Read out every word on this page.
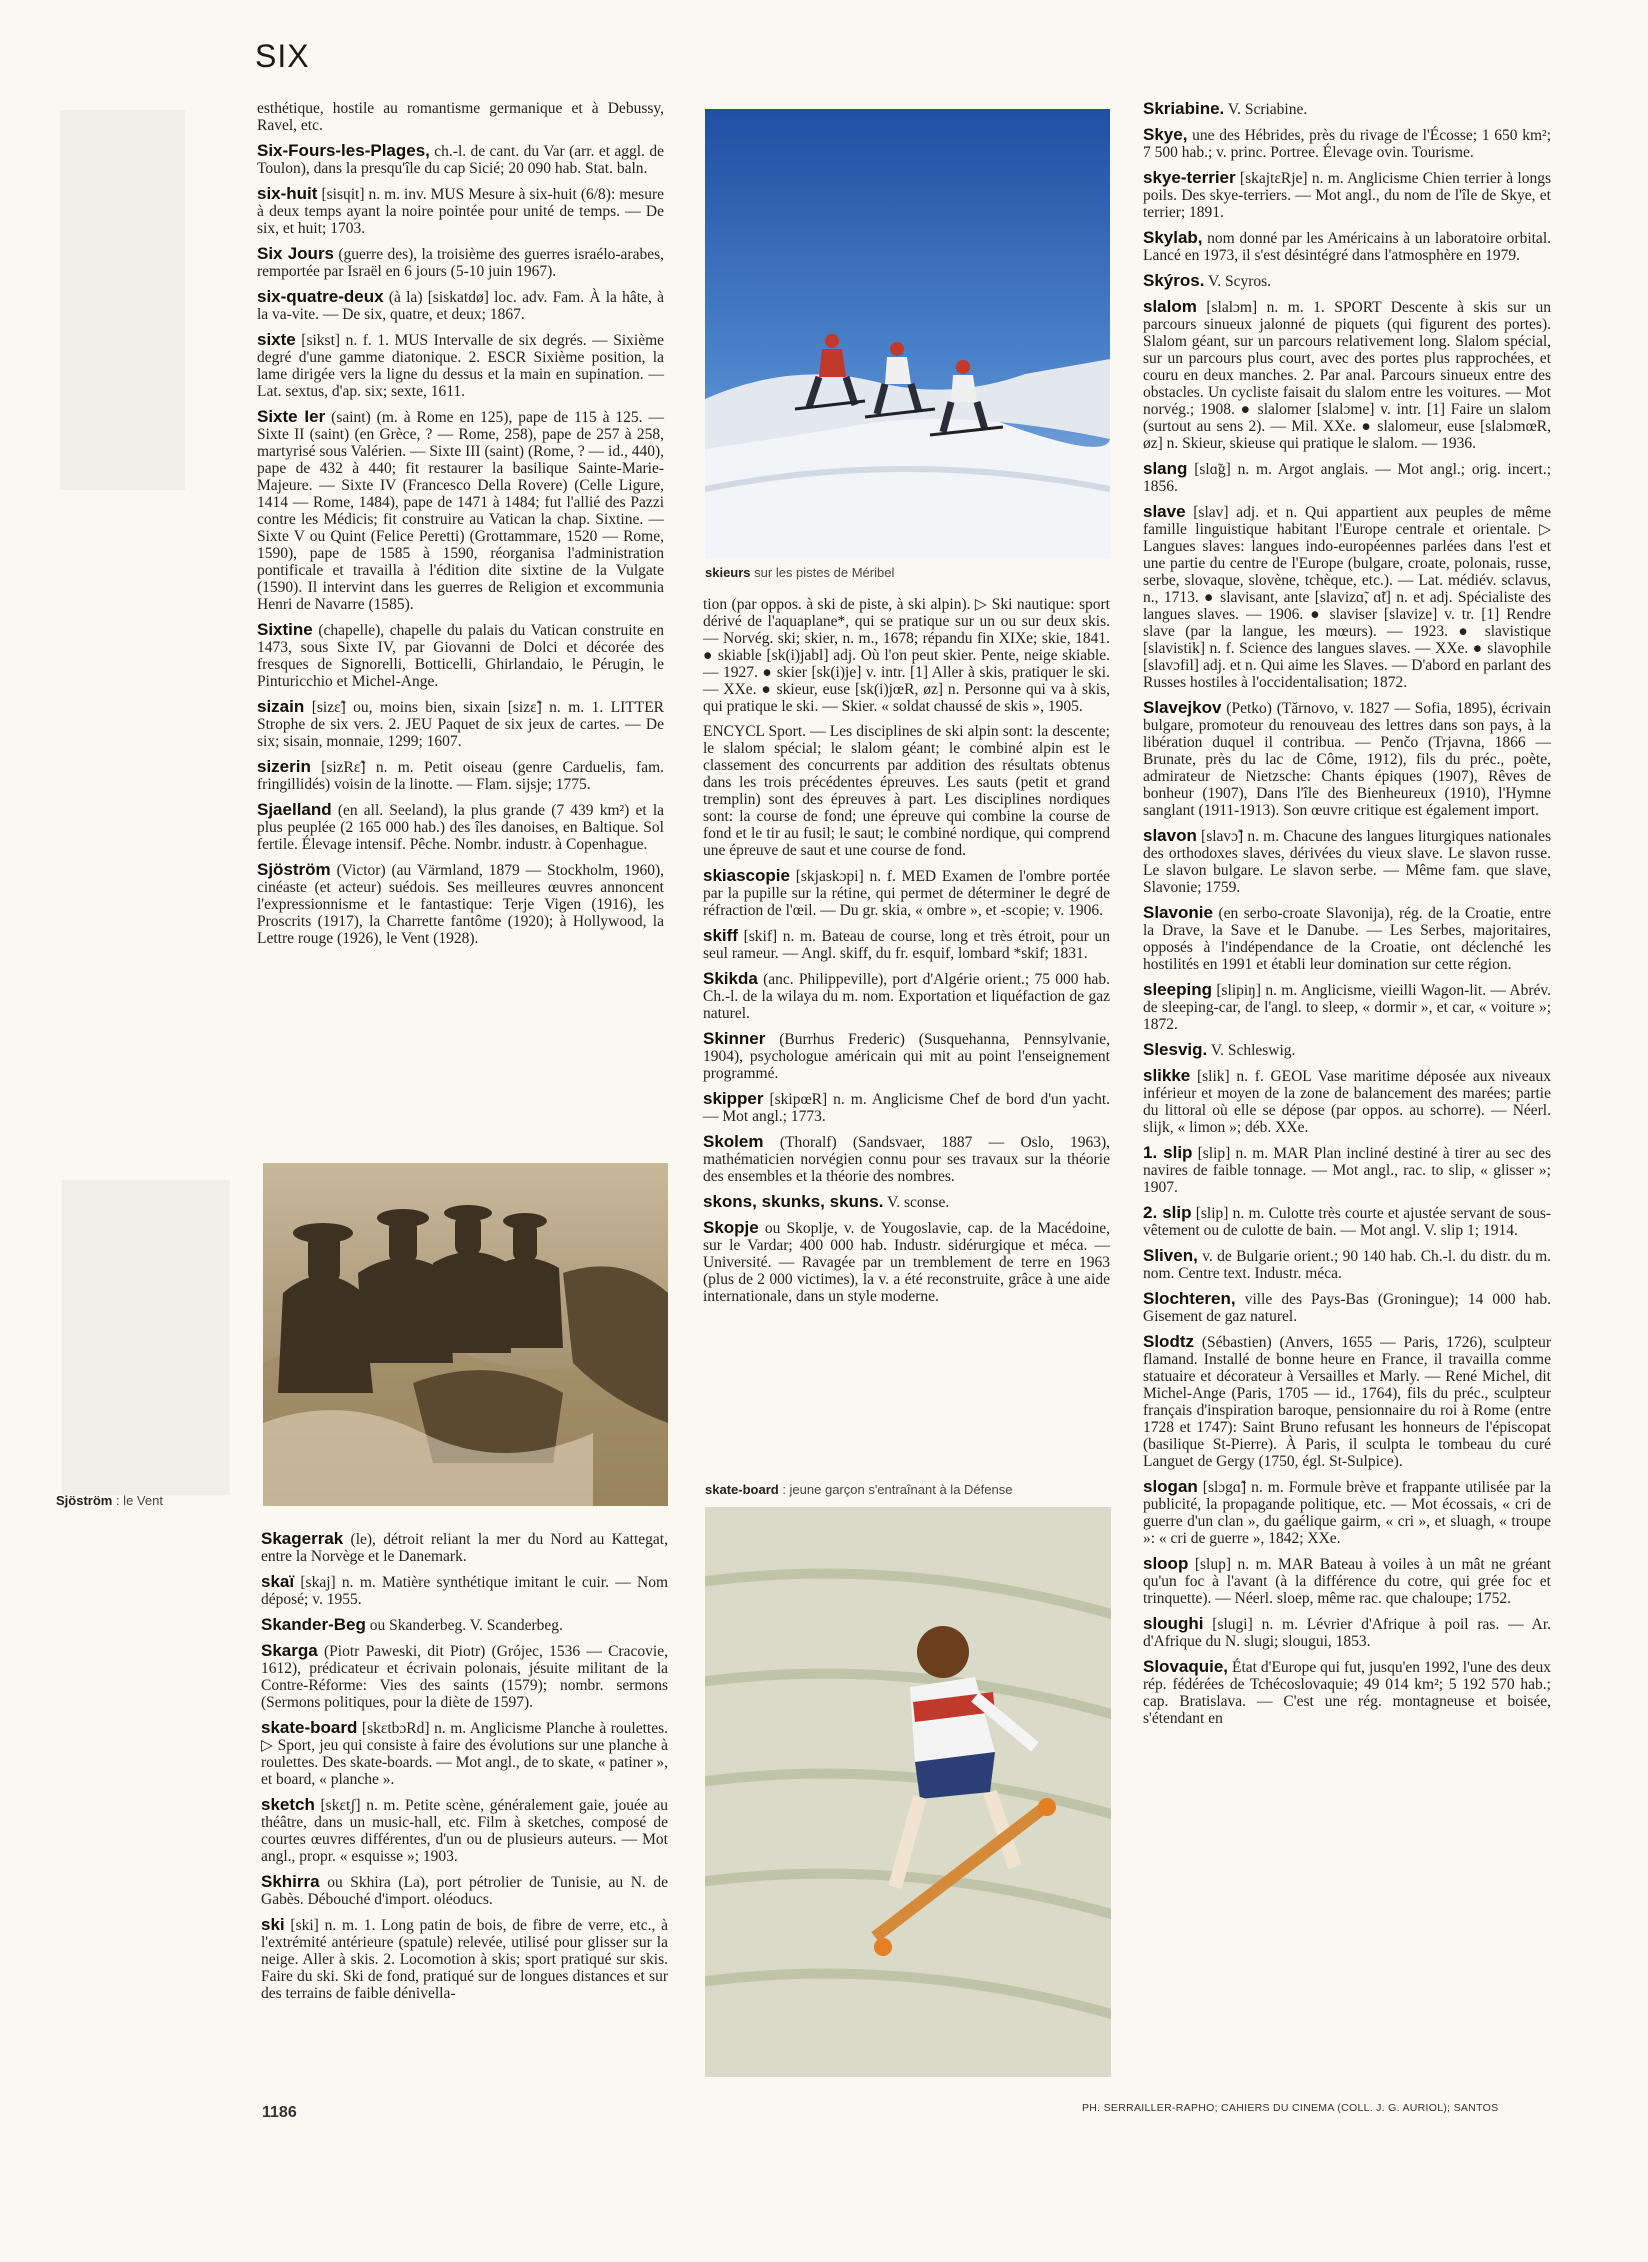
SIX

esthétique, hostile au romantisme germanique et à Debussy, Ravel, etc.

Six-Fours-les-Plages, ch.-l. de cant. du Var (arr. et aggl. de Toulon), dans la presqu'île du cap Sicié; 20 090 hab. Stat. baln.

six-huit [sisɥit] n. m. inv. MUS Mesure à six-huit (6/8): mesure à deux temps ayant la noire pointée pour unité de temps. — De six, et huit; 1703.

Six Jours (guerre des), la troisième des guerres israélo-arabes, remportée par Israël en 6 jours (5-10 juin 1967).

six-quatre-deux (à la) [siskatdø] loc. adv. Fam. À la hâte, à la va-vite. — De six, quatre, et deux; 1867.

sixte [sikst] n. f. 1. MUS Intervalle de six degrés. — Sixième degré d'une gamme diatonique. 2. ESCR Sixième position, la lame dirigée vers la ligne du dessus et la main en supination. — Lat. sextus, d'ap. six; sexte, 1611.

Sixte Ier (saint) (m. à Rome en 125), pape de 115 à 125. — Sixte II (saint) (en Grèce, ? — Rome, 258), pape de 257 à 258, martyrisé sous Valérien. — Sixte III (saint) (Rome, ? — id., 440), pape de 432 à 440; fit restaurer la basilique Sainte-Marie-Majeure. — Sixte IV (Francesco Della Rovere) (Celle Ligure, 1414 — Rome, 1484), pape de 1471 à 1484; fut l'allié des Pazzi contre les Médicis; fit construire au Vatican la chap. Sixtine. — Sixte V ou Quint (Felice Peretti) (Grottammare, 1520 — Rome, 1590), pape de 1585 à 1590, réorganisa l'administration pontificale et travailla à l'édition dite sixtine de la Vulgate (1590). Il intervint dans les guerres de Religion et excommunia Henri de Navarre (1585).

Sixtine (chapelle), chapelle du palais du Vatican construite en 1473, sous Sixte IV, par Giovanni de Dolci et décorée des fresques de Signorelli, Botticelli, Ghirlandaio, le Pérugin, le Pinturicchio et Michel-Ange.

sizain [sizɛ̃] ou, moins bien, sixain [sizɛ̃] n. m. 1. LITTER Strophe de six vers. 2. JEU Paquet de six jeux de cartes. — De six; sisain, monnaie, 1299; 1607.

sizerin [sizRɛ̃] n. m. Petit oiseau (genre Carduelis, fam. fringillidés) voisin de la linotte. — Flam. sijsje; 1775.

Sjaelland (en all. Seeland), la plus grande (7 439 km²) et la plus peuplée (2 165 000 hab.) des îles danoises, en Baltique. Sol fertile. Élevage intensif. Pêche. Nombr. industr. à Copenhague.

Sjöström (Victor) (au Värmland, 1879 — Stockholm, 1960), cinéaste (et acteur) suédois. Ses meilleures œuvres annoncent l'expressionnisme et le fantastique: Terje Vigen (1916), les Proscrits (1917), la Charrette fantôme (1920); à Hollywood, la Lettre rouge (1926), le Vent (1928).

Sjöström : le Vent

Skagerrak (le), détroit reliant la mer du Nord au Kattegat, entre la Norvège et le Danemark.

skaï [skaj] n. m. Matière synthétique imitant le cuir. — Nom déposé; v. 1955.

Skander-Beg ou Skanderbeg. V. Scanderbeg.

Skarga (Piotr Paweski, dit Piotr) (Grójec, 1536 — Cracovie, 1612), prédicateur et écrivain polonais, jésuite militant de la Contre-Réforme: Vies des saints (1579); nombr. sermons (Sermons politiques, pour la diète de 1597).

skate-board [skɛtbɔRd] n. m. Anglicisme Planche à roulettes. ▷ Sport, jeu qui consiste à faire des évolutions sur une planche à roulettes. Des skate-boards. — Mot angl., de to skate, « patiner », et board, « planche ».

sketch [skɛtʃ] n. m. Petite scène, généralement gaie, jouée au théâtre, dans un music-hall, etc. Film à sketches, composé de courtes œuvres différentes, d'un ou de plusieurs auteurs. — Mot angl., propr. « esquisse »; 1903.

Skhirra ou Skhira (La), port pétrolier de Tunisie, au N. de Gabès. Débouché d'import. oléoducs.

ski [ski] n. m. 1. Long patin de bois, de fibre de verre, etc., à l'extrémité antérieure (spatule) relevée, utilisé pour glisser sur la neige. Aller à skis. 2. Locomotion à skis; sport pratiqué sur skis. Faire du ski. Ski de fond, pratiqué sur de longues distances et sur des terrains de faible dénivella-

skieurs sur les pistes de Méribel

tion (par oppos. à ski de piste, à ski alpin). ▷ Ski nautique: sport dérivé de l'aquaplane*, qui se pratique sur un ou sur deux skis. — Norvég. ski; skier, n. m., 1678; répandu fin XIXe; skie, 1841. ● skiable [sk(i)jabl] adj. Où l'on peut skier. Pente, neige skiable. — 1927. ● skier [sk(i)je] v. intr. [1] Aller à skis, pratiquer le ski. — XXe. ● skieur, euse [sk(i)jœR, øz] n. Personne qui va à skis, qui pratique le ski. — Skier. « soldat chaussé de skis », 1905.

ENCYCL Sport. — Les disciplines de ski alpin sont: la descente; le slalom spécial; le slalom géant; le combiné alpin est le classement des concurrents par addition des résultats obtenus dans les trois précédentes épreuves. Les sauts (petit et grand tremplin) sont des épreuves à part. Les disciplines nordiques sont: la course de fond; une épreuve qui combine la course de fond et le tir au fusil; le saut; le combiné nordique, qui comprend une épreuve de saut et une course de fond.

skiascopie [skjaskɔpi] n. f. MED Examen de l'ombre portée par la pupille sur la rétine, qui permet de déterminer le degré de réfraction de l'œil. — Du gr. skia, « ombre », et -scopie; v. 1906.

skiff [skif] n. m. Bateau de course, long et très étroit, pour un seul rameur. — Angl. skiff, du fr. esquif, lombard *skif; 1831.

Skikda (anc. Philippeville), port d'Algérie orient.; 75 000 hab. Ch.-l. de la wilaya du m. nom. Exportation et liquéfaction de gaz naturel.

Skinner (Burrhus Frederic) (Susquehanna, Pennsylvanie, 1904), psychologue américain qui mit au point l'enseignement programmé.

skipper [skipœR] n. m. Anglicisme Chef de bord d'un yacht. — Mot angl.; 1773.

Skolem (Thoralf) (Sandsvaer, 1887 — Oslo, 1963), mathématicien norvégien connu pour ses travaux sur la théorie des ensembles et la théorie des nombres.

skons, skunks, skuns. V. sconse.

Skopje ou Skoplje, v. de Yougoslavie, cap. de la Macédoine, sur le Vardar; 400 000 hab. Industr. sidérurgique et méca. — Université. — Ravagée par un tremblement de terre en 1963 (plus de 2 000 victimes), la v. a été reconstruite, grâce à une aide internationale, dans un style moderne.

skate-board : jeune garçon s'entraînant à la Défense

Skriabine. V. Scriabine.

Skye, une des Hébrides, près du rivage de l'Écosse; 1 650 km²; 7 500 hab.; v. princ. Portree. Élevage ovin. Tourisme.

skye-terrier [skajtɛRje] n. m. Anglicisme Chien terrier à longs poils. Des skye-terriers. — Mot angl., du nom de l'île de Skye, et terrier; 1891.

Skylab, nom donné par les Américains à un laboratoire orbital. Lancé en 1973, il s'est désintégré dans l'atmosphère en 1979.

Skýros. V. Scyros.

slalom [slalɔm] n. m. 1. SPORT Descente à skis sur un parcours sinueux jalonné de piquets (qui figurent des portes). Slalom géant, sur un parcours relativement long. Slalom spécial, sur un parcours plus court, avec des portes plus rapprochées, et couru en deux manches. 2. Par anal. Parcours sinueux entre des obstacles. Un cycliste faisait du slalom entre les voitures. — Mot norvég.; 1908. ● slalomer [slalɔme] v. intr. [1] Faire un slalom (surtout au sens 2). — Mil. XXe. ● slalomeur, euse [slalɔmœR, øz] n. Skieur, skieuse qui pratique le slalom. — 1936.

slang [slɑ̃g] n. m. Argot anglais. — Mot angl.; orig. incert.; 1856.

slave [slav] adj. et n. Qui appartient aux peuples de même famille linguistique habitant l'Europe centrale et orientale. ▷ Langues slaves: langues indo-européennes parlées dans l'est et une partie du centre de l'Europe (bulgare, croate, polonais, russe, serbe, slovaque, slovène, tchèque, etc.). — Lat. médiév. sclavus, n., 1713. ● slavisant, ante [slavizɑ̃, ɑ̃t] n. et adj. Spécialiste des langues slaves. — 1906. ● slaviser [slavize] v. tr. [1] Rendre slave (par la langue, les mœurs). — 1923. ● slavistique [slavistik] n. f. Science des langues slaves. — XXe. ● slavophile [slavɔfil] adj. et n. Qui aime les Slaves. — D'abord en parlant des Russes hostiles à l'occidentalisation; 1872.

Slavejkov (Petko) (Tărnovo, v. 1827 — Sofia, 1895), écrivain bulgare, promoteur du renouveau des lettres dans son pays, à la libération duquel il contribua. — Penčo (Trjavna, 1866 — Brunate, près du lac de Côme, 1912), fils du préc., poète, admirateur de Nietzsche: Chants épiques (1907), Rêves de bonheur (1907), Dans l'île des Bienheureux (1910), l'Hymne sanglant (1911-1913). Son œuvre critique est également import.

slavon [slavɔ̃] n. m. Chacune des langues liturgiques nationales des orthodoxes slaves, dérivées du vieux slave. Le slavon russe. Le slavon bulgare. Le slavon serbe. — Même fam. que slave, Slavonie; 1759.

Slavonie (en serbo-croate Slavonija), rég. de la Croatie, entre la Drave, la Save et le Danube. — Les Serbes, majoritaires, opposés à l'indépendance de la Croatie, ont déclenché les hostilités en 1991 et établi leur domination sur cette région.

sleeping [slipiŋ] n. m. Anglicisme, vieilli Wagon-lit. — Abrév. de sleeping-car, de l'angl. to sleep, « dormir », et car, « voiture »; 1872.

Slesvig. V. Schleswig.

slikke [slik] n. f. GEOL Vase maritime déposée aux niveaux inférieur et moyen de la zone de balancement des marées; partie du littoral où elle se dépose (par oppos. au schorre). — Néerl. slijk, « limon »; déb. XXe.

1. slip [slip] n. m. MAR Plan incliné destiné à tirer au sec des navires de faible tonnage. — Mot angl., rac. to slip, « glisser »; 1907.

2. slip [slip] n. m. Culotte très courte et ajustée servant de sous-vêtement ou de culotte de bain. — Mot angl. V. slip 1; 1914.

Sliven, v. de Bulgarie orient.; 90 140 hab. Ch.-l. du distr. du m. nom. Centre text. Industr. méca.

Slochteren, ville des Pays-Bas (Groningue); 14 000 hab. Gisement de gaz naturel.

Slodtz (Sébastien) (Anvers, 1655 — Paris, 1726), sculpteur flamand. Installé de bonne heure en France, il travailla comme statuaire et décorateur à Versailles et Marly. — René Michel, dit Michel-Ange (Paris, 1705 — id., 1764), fils du préc., sculpteur français d'inspiration baroque, pensionnaire du roi à Rome (entre 1728 et 1747): Saint Bruno refusant les honneurs de l'épiscopat (basilique St-Pierre). À Paris, il sculpta le tombeau du curé Languet de Gergy (1750, égl. St-Sulpice).

slogan [slɔgɑ̃] n. m. Formule brève et frappante utilisée par la publicité, la propagande politique, etc. — Mot écossais, « cri de guerre d'un clan », du gaélique gairm, « cri », et sluagh, « troupe »: « cri de guerre », 1842; XXe.

sloop [slup] n. m. MAR Bateau à voiles à un mât ne gréant qu'un foc à l'avant (à la différence du cotre, qui grée foc et trinquette). — Néerl. sloep, même rac. que chaloupe; 1752.

sloughi [slugi] n. m. Lévrier d'Afrique à poil ras. — Ar. d'Afrique du N. slugi; slougui, 1853.

Slovaquie, État d'Europe qui fut, jusqu'en 1992, l'une des deux rép. fédérées de Tchécoslovaquie; 49 014 km²; 5 192 570 hab.; cap. Bratislava. — C'est une rég. montagneuse et boisée, s'étendant en

1186	PH. SERRAILLER-RAPHO; CAHIERS DU CINEMA (COLL. J. G. AURIOL); SANTOS
